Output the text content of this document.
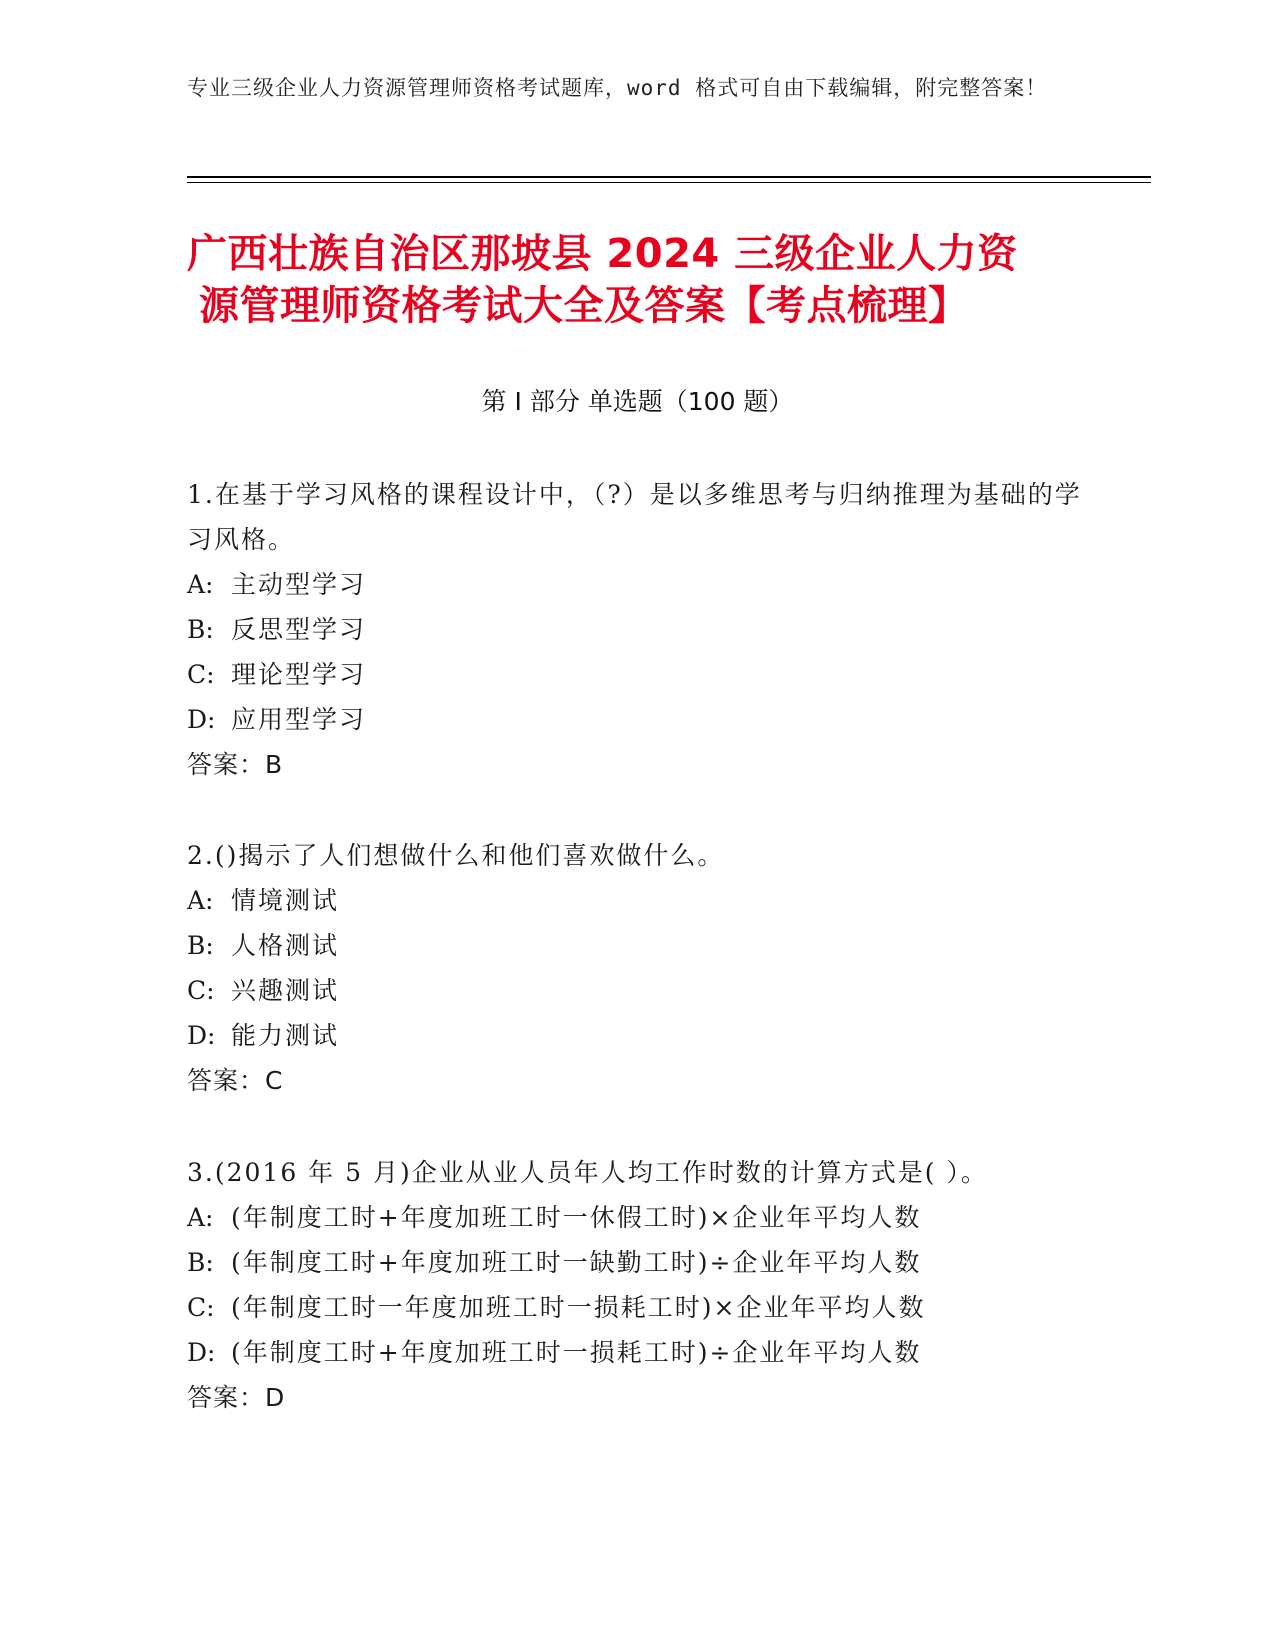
专业三级企业人力资源管理师资格考试题库，word 格式可自由下载编辑，附完整答案！
广西壮族自治区那坡县 2024 三级企业人力资
源管理师资格考试大全及答案【考点梳理】
第 I 部分 单选题（100 题）
1.在基于学习风格的课程设计中，（?）是以多维思考与归纳推理为基础的学习风格。
A: 主动型学习
B: 反思型学习
C: 理论型学习
D: 应用型学习
答案：B
2.()揭示了人们想做什么和他们喜欢做什么。
A: 情境测试
B: 人格测试
C: 兴趣测试
D: 能力测试
答案：C
3.(2016 年 5 月)企业从业人员年人均工作时数的计算方式是( ）。
A: (年制度工时+年度加班工时一休假工时)×企业年平均人数
B: (年制度工时+年度加班工时一缺勤工时)÷企业年平均人数
C: (年制度工时一年度加班工时一损耗工时)×企业年平均人数
D: (年制度工时+年度加班工时一损耗工时)÷企业年平均人数
答案：D
